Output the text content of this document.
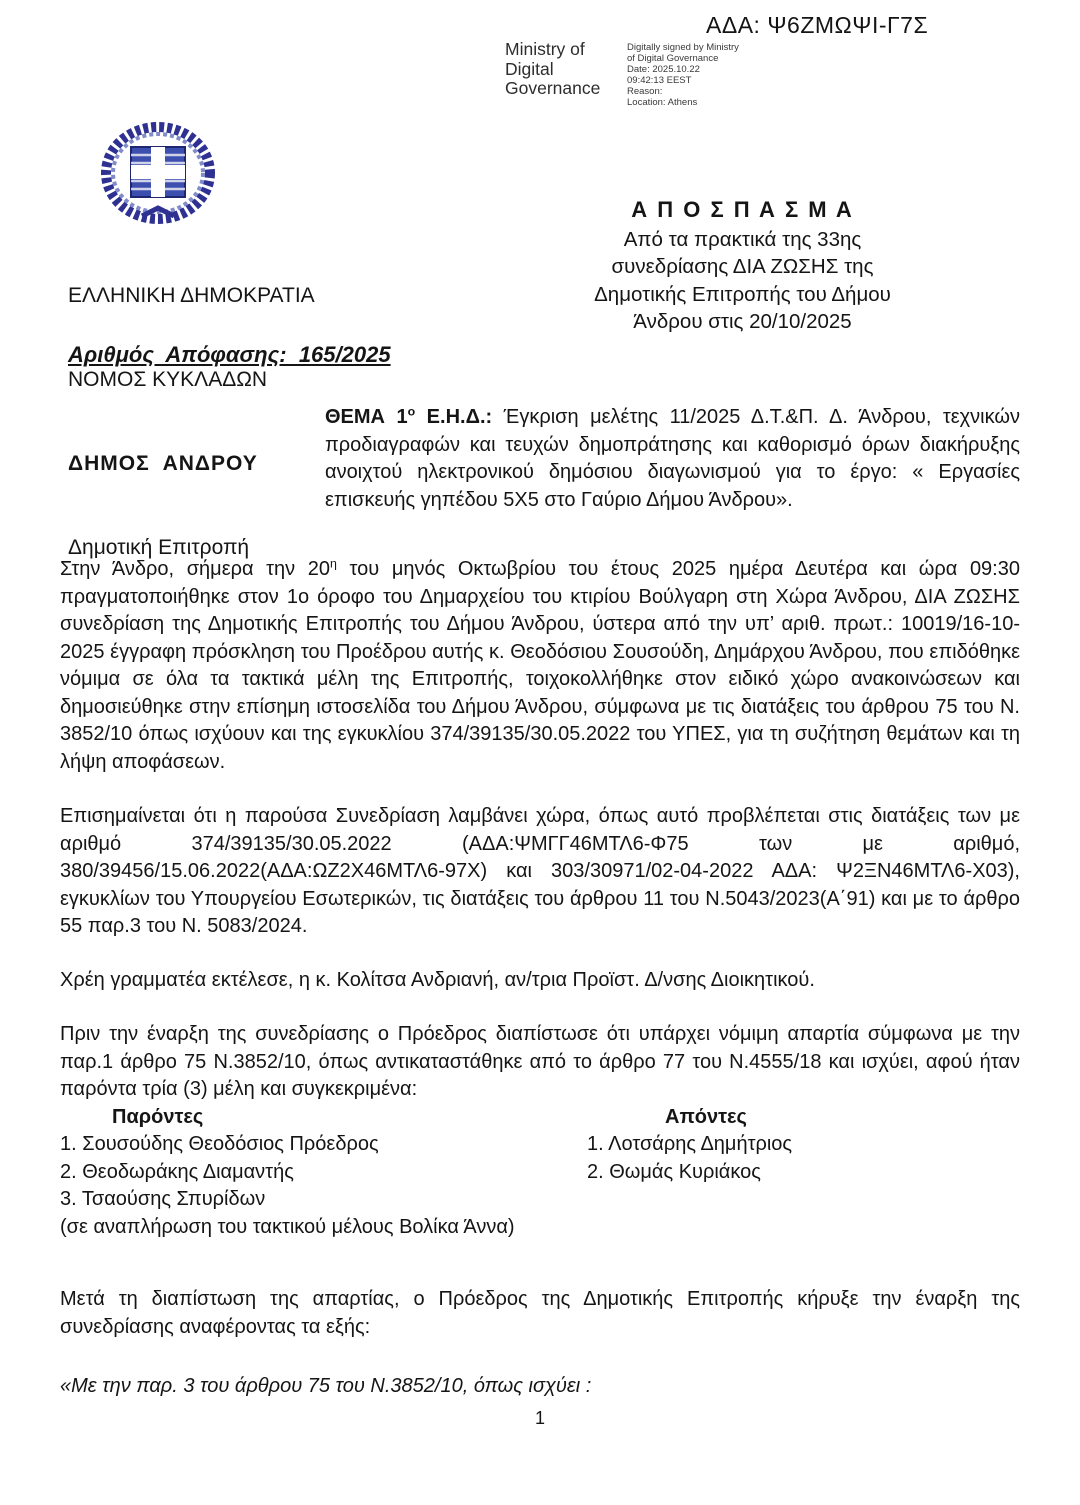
ΑΔΑ: Ψ6ΖΜΩΨΙ-Γ7Σ
Ministry of Digital Governance
Digitally signed by Ministry
of Digital Governance
Date: 2025.10.22
09:42:13 EEST
Reason:
Location: Athens

ΕΛΛΗΝΙΚΗ ΔΗΜΟΚΡΑΤΙΑ

ΝΟΜΟΣ ΚΥΚΛΑΔΩΝ

ΔΗΜΟΣ  ΑΝΔΡΟΥ

Δημοτική Επιτροπή

Αριθμός  Απόφασης:  165/2025
Α Π Ο Σ Π Α Σ Μ Α
Από τα πρακτικά της 33ης
συνεδρίασης ΔΙΑ ΖΩΣΗΣ της
Δημοτικής Επιτροπής του Δήμου
Άνδρου στις 20/10/2025

ΘΕΜΑ $1^o$ Ε.Η.Δ.: Έγκριση μελέτης 11/2025 Δ.Τ.&Π. Δ. Άνδρου, τεχνικών προδιαγραφών και τευχών δημοπράτησης και καθορισμό όρων διακήρυξης ανοιχτού ηλεκτρονικού δημόσιου διαγωνισμού για το έργο: « Εργασίες επισκευής γηπέδου 5X5 στο Γαύριο Δήμου Άνδρου».

Στην Άνδρο, σήμερα την $20^\eta$ του μηνός Οκτωβρίου του έτους 2025 ημέρα Δευτέρα και ώρα 09:30 πραγματοποιήθηκε στον 1ο όροφο του Δημαρχείου του κτιρίου Βούλγαρη στη Χώρα Άνδρου, ΔΙΑ ΖΩΣΗΣ συνεδρίαση της Δημοτικής Επιτροπής του Δήμου Άνδρου, ύστερα από την υπ’ αριθ. πρωτ.: 10019/16-10-2025 έγγραφη πρόσκληση του Προέδρου αυτής κ. Θεοδόσιου Σουσούδη, Δημάρχου Άνδρου, που επιδόθηκε νόμιμα σε όλα τα τακτικά μέλη της Επιτροπής, τοιχοκολλήθηκε στον ειδικό χώρο ανακοινώσεων και δημοσιεύθηκε στην επίσημη ιστοσελίδα του Δήμου Άνδρου, σύμφωνα με τις διατάξεις του άρθρου 75 του Ν. 3852/10 όπως ισχύουν και της εγκυκλίου 374/39135/30.05.2022 του ΥΠΕΣ, για τη συζήτηση θεμάτων και τη λήψη αποφάσεων.

Επισημαίνεται ότι η παρούσα Συνεδρίαση λαμβάνει χώρα, όπως αυτό προβλέπεται στις διατάξεις των με αριθμό 374/39135/30.05.2022 (ΑΔΑ:ΨΜΓΓ46ΜΤΛ6-Φ75 των με αριθμό, 380/39456/15.06.2022(ΑΔΑ:ΩΖ2Χ46ΜΤΛ6-97Χ) και 303/30971/02-04-2022 ΑΔΑ: Ψ2ΞΝ46ΜΤΛ6-Χ03), εγκυκλίων του Υπουργείου Εσωτερικών, τις διατάξεις του άρθρου 11 του Ν.5043/2023(Α΄91) και με το άρθρο 55 παρ.3 του Ν. 5083/2024.

Χρέη γραμματέα εκτέλεσε, η κ. Κολίτσα Ανδριανή, αν/τρια Προϊστ. Δ/νσης Διοικητικού.

Πριν την έναρξη της συνεδρίασης ο Πρόεδρος διαπίστωσε ότι υπάρχει νόμιμη απαρτία σύμφωνα με την παρ.1 άρθρο 75 Ν.3852/10, όπως αντικαταστάθηκε από το άρθρο 77 του Ν.4555/18 και ισχύει, αφού ήταν παρόντα τρία (3) μέλη και συγκεκριμένα:

Παρόντες
1. Σουσούδης Θεοδόσιος Πρόεδρος
2. Θεοδωράκης Διαμαντής
3. Τσαούσης Σπυρίδων
Απόντες
1. Λοτσάρης Δημήτριος
2. Θωμάς Κυριάκος
(σε αναπλήρωση του τακτικού μέλους Βολίκα Άννα)

Μετά τη διαπίστωση της απαρτίας, ο Πρόεδρος της Δημοτικής Επιτροπής κήρυξε την έναρξη της συνεδρίασης αναφέροντας τα εξής:

«Με την παρ. 3 του άρθρου 75 του Ν.3852/10, όπως ισχύει :

1
